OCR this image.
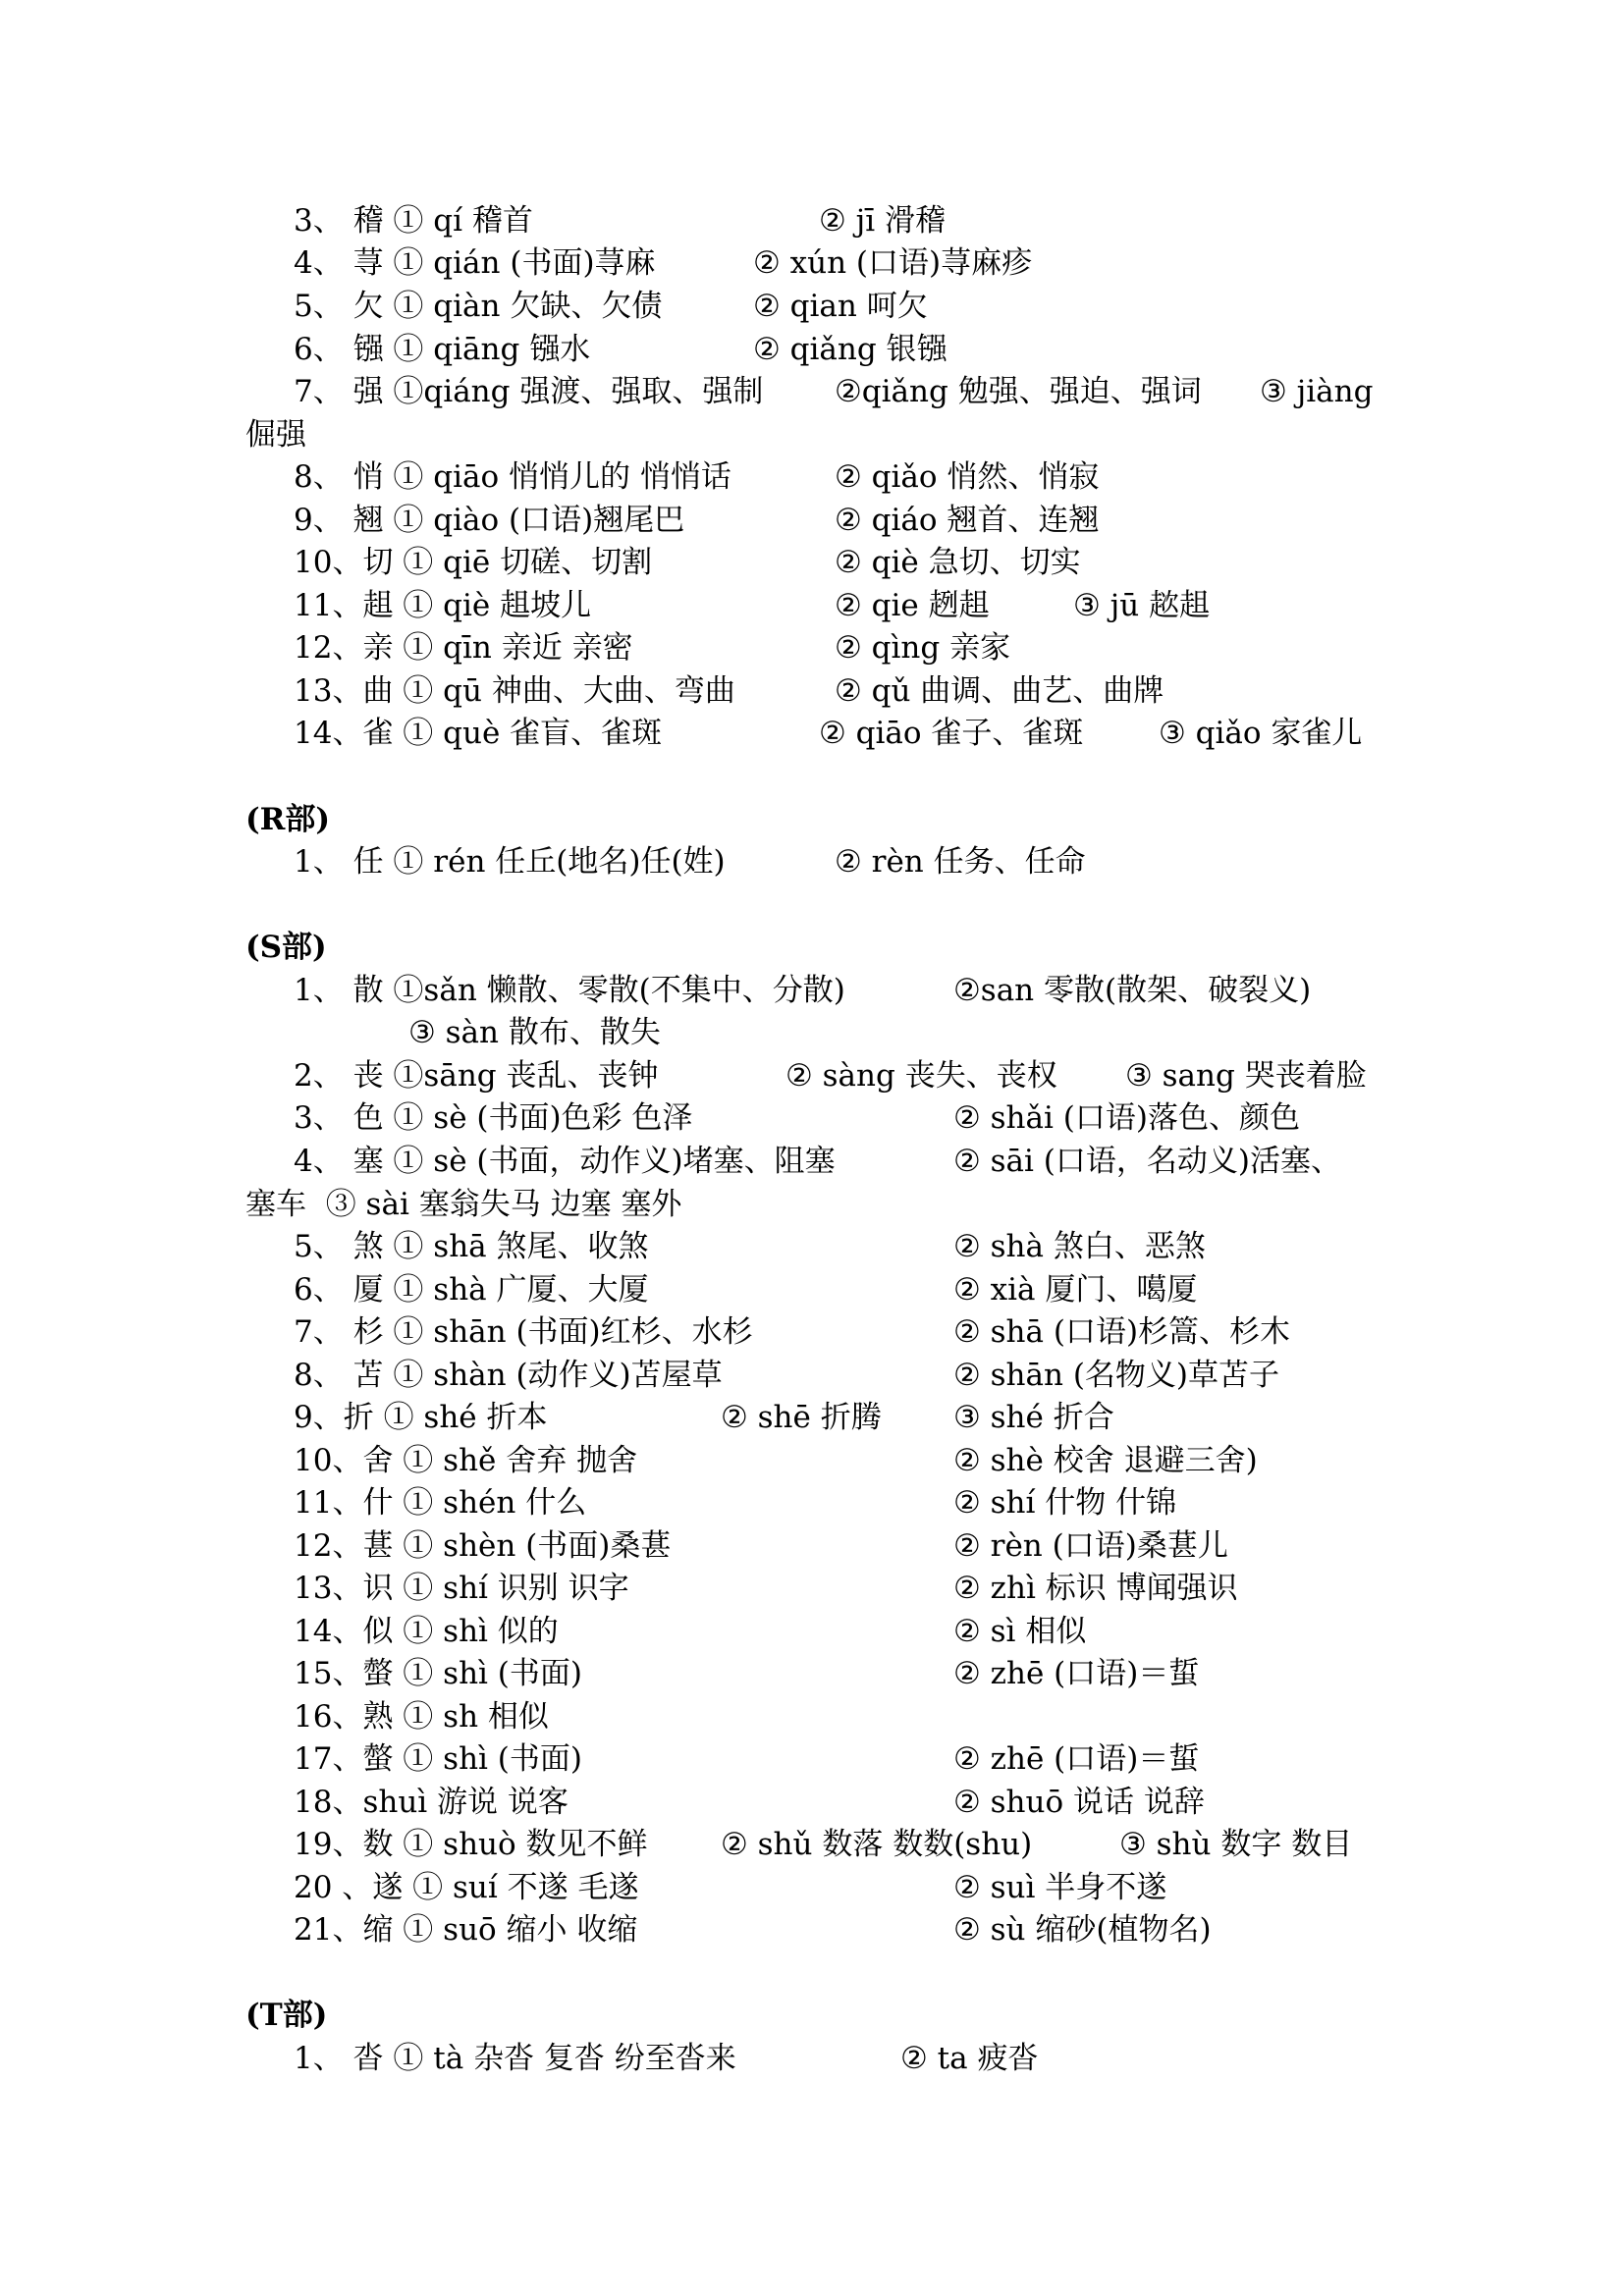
3、 稽 ① qí 稽首

	② jī 滑稽

4、 荨 ① qián (书面)荨麻

	② xún (口语)荨麻疹

5、 欠 ① qiàn 欠缺、欠债

	② qian 呵欠

6、 镪 ① qiāng 镪水

	② qiǎng 银镪

7、 强 ①qiáng 强渡、强取、强制

②qiǎng 勉强、强迫、强词

③ jiàng

倔强

8、 悄 ① qiāo 悄悄儿的 悄悄话

	② qiǎo 悄然、悄寂

9、 翘 ① qiào (口语)翘尾巴

	② qiáo 翘首、连翘

10、切 ① qiē 切磋、切割

	② qiè 急切、切实

11、趄 ① qiè 趄坡儿

	② qie 趔趄

	③ jū 趑趄

12、亲 ① qīn 亲近 亲密

	② qìng 亲家

13、曲 ① qū 神曲、大曲、弯曲

	② qǔ 曲调、曲艺、曲牌

14、雀 ① què 雀盲、雀斑

	② qiāo 雀子、雀斑

③ qiǎo 家雀儿

(R部)

1、 任 ① rén 任丘(地名)任(姓)

	② rèn 任务、任命

(S部)

1、 散 ①sǎn 懒散、零散(不集中、分散)

	②san 零散(散架、破裂义)

③ sàn 散布、散失

2、 丧 ①sāng 丧乱、丧钟

	② sàng 丧失、丧权

③ sang 哭丧着脸

3、 色 ① sè (书面)色彩 色泽

	② shǎi (口语)落色、颜色

4、 塞 ① sè (书面，动作义)堵塞、阻塞

	② sāi (口语，名动义)活塞、

塞车  ③ sài 塞翁失马 边塞 塞外

5、 煞 ① shā 煞尾、收煞

	② shà 煞白、恶煞

6、 厦 ① shà 广厦、大厦

	② xià 厦门、噶厦

7、 杉 ① shān (书面)红杉、水杉

	② shā (口语)杉篙、杉木

8、 苫 ① shàn (动作义)苫屋草

	② shān (名物义)草苫子

9、折 ① shé 折本

	② shē 折腾

③ shé 折合

10、舍 ① shě 舍弃 抛舍

	② shè 校舍 退避三舍)

11、什 ① shén 什么

	② shí 什物 什锦

12、葚 ① shèn (书面)桑葚

	② rèn (口语)桑葚儿

13、识 ① shí 识别 识字

	② zhì 标识 博闻强识

14、似 ① shì 似的

	② sì 相似

15、螫 ① shì (书面)

	② zhē (口语)＝蜇

16、熟 ① sh 相似

17、螫 ① shì (书面)

	② zhē (口语)＝蜇

18、shuì 游说 说客

	② shuō 说话 说辞

19、数 ① shuò 数见不鲜

② shǔ 数落 数数(shu)

	③ shù 数字 数目

20 、遂 ① suí 不遂 毛遂

	② suì 半身不遂

21、缩 ① suō 缩小 收缩

	② sù 缩砂(植物名)

(T部)

1、 沓 ① tà 杂沓 复沓 纷至沓来

	② ta 疲沓
